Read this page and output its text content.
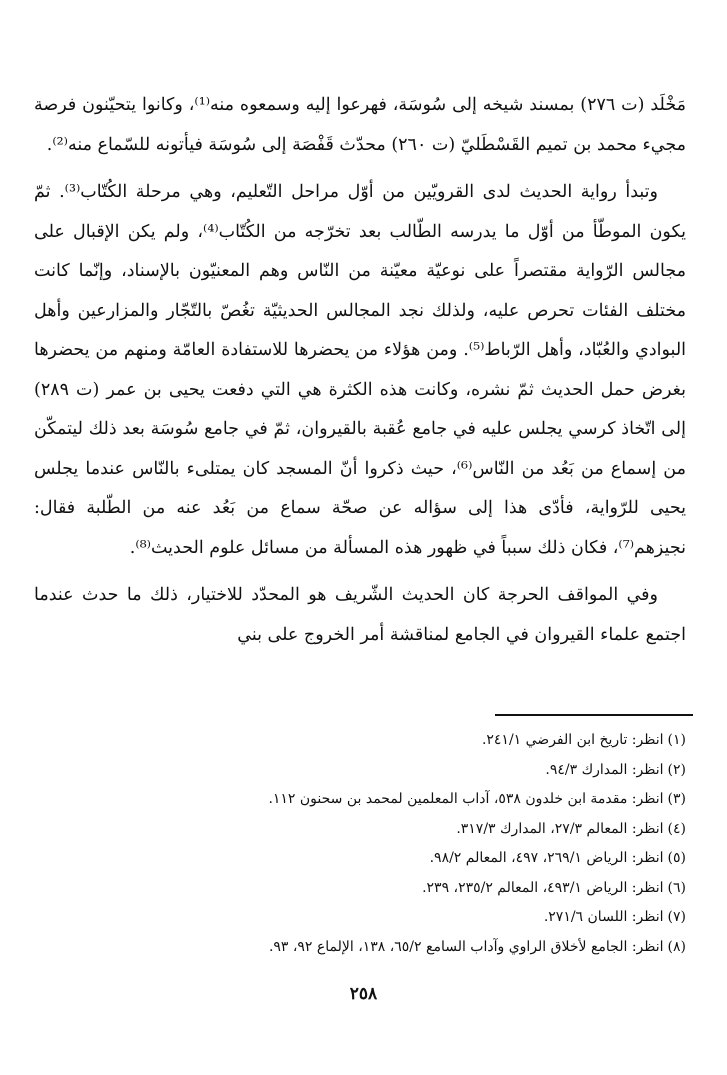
مَخْلَد (ت ٢٧٦) بمسند شيخه إلى سُوسَة، فهرعوا إليه وسمعوه منه⁽¹⁾، وكانوا يتحيّنون فرصة مجيء محمد بن تميم القَسْطَليّ (ت ٢٦٠) محدّث قَفْصَة إلى سُوسَة فيأتونه للسّماع منه⁽²⁾.

وتبدأ رواية الحديث لدى القرويّين من أوّل مراحل التّعليم، وهي مرحلة الكُتّاب⁽³⁾. ثمّ يكون الموطّأ من أوّل ما يدرسه الطّالب بعد تخرّجه من الكُتّاب⁽⁴⁾، ولم يكن الإقبال على مجالس الرّواية مقتصراً على نوعيّة معيّنة من النّاس وهم المعنيّون بالإسناد، وإنّما كانت مختلف الفئات تحرص عليه، ولذلك نجد المجالس الحديثيّة تغُصّ بالتّجّار والمزارعين وأهل البوادي والعُبّاد، وأهل الرّباط⁽⁵⁾. ومن هؤلاء من يحضرها للاستفادة العامّة ومنهم من يحضرها بغرض حمل الحديث ثمّ نشره، وكانت هذه الكثرة هي التي دفعت يحيى بن عمر (ت ٢٨٩) إلى اتّخاذ كرسي يجلس عليه في جامع عُقبة بالقيروان، ثمّ في جامع سُوسَة بعد ذلك ليتمكّن من إسماع من بَعُد من النّاس⁽⁶⁾، حيث ذكروا أنّ المسجد كان يمتلىء بالنّاس عندما يجلس يحيى للرّواية، فأدّى هذا إلى سؤاله عن صحّة سماع من بَعُد عنه من الطّلبة فقال: نجيزهم⁽⁷⁾، فكان ذلك سبباً في ظهور هذه المسألة من مسائل علوم الحديث⁽⁸⁾.

وفي المواقف الحرجة كان الحديث الشّريف هو المحدّد للاختيار، ذلك ما حدث عندما اجتمع علماء القيروان في الجامع لمناقشة أمر الخروج على بني

(١)انظر: تاريخ ابن الفرضي ٢٤١/١.
(٢)انظر: المدارك ٩٤/٣.
(٣)انظر: مقدمة ابن خلدون ٥٣٨، آداب المعلمين لمحمد بن سحنون ١١٢.
(٤)انظر: المعالم ٢٧/٣، المدارك ٣١٧/٣.
(٥)انظر: الرياض ٢٦٩/١، ٤٩٧، المعالم ٩٨/٢.
(٦)انظر: الرياض ٤٩٣/١، المعالم ٢٣٥/٢، ٢٣٩.
(٧)انظر: اللسان ٢٧١/٦.
(٨)انظر: الجامع لأخلاق الراوي وآداب السامع ٦٥/٢، ١٣٨، الإلماع ٩٢، ٩٣.
٢٥٨
